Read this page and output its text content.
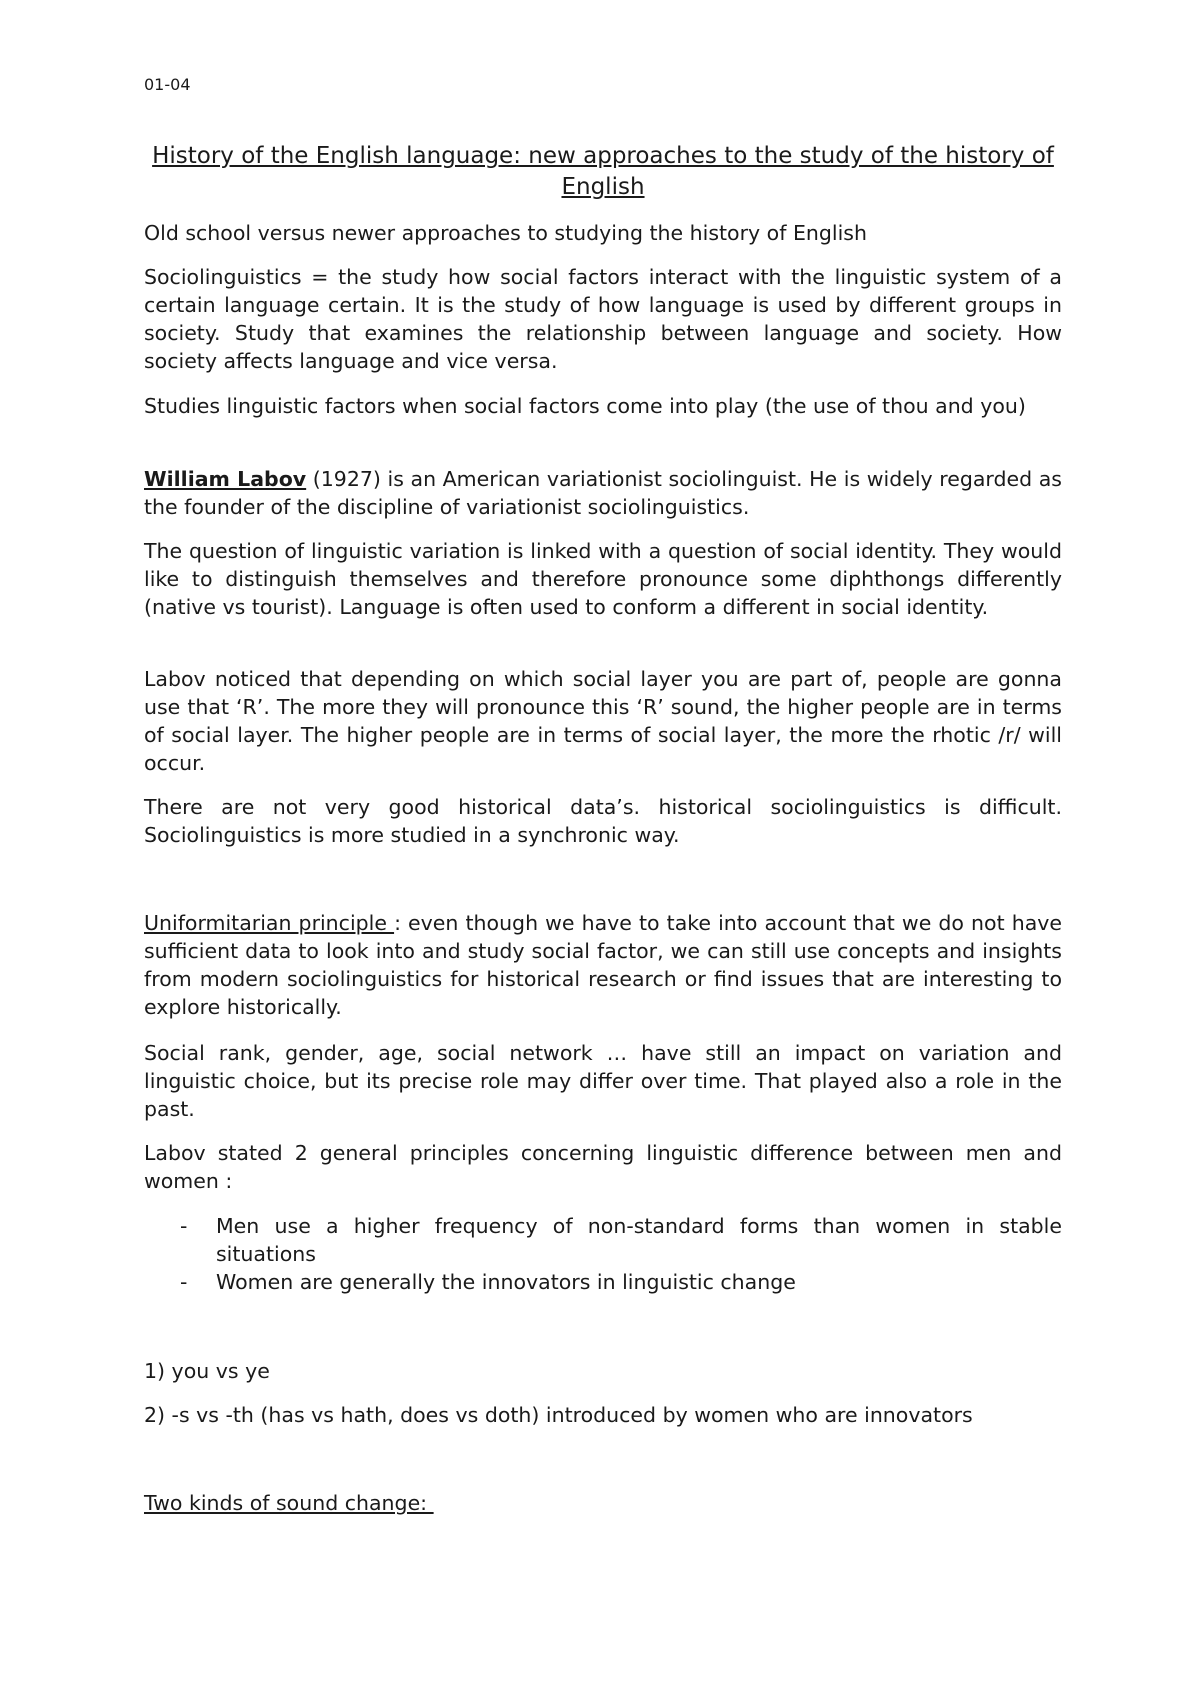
01-04
History of the English language: new approaches to the study of the history of English

Old school versus newer approaches to studying the history of English

Sociolinguistics = the study how social factors interact with the linguistic system of a certain language certain. It is the study of how language is used by different groups in society. Study that examines the relationship between language and society. How society affects language and vice versa.

Studies linguistic factors when social factors come into play (the use of thou and you)

William Labov (1927) is an American variationist sociolinguist. He is widely regarded as the founder of the discipline of variationist sociolinguistics.

The question of linguistic variation is linked with a question of social identity. They would like to distinguish themselves and therefore pronounce some diphthongs differently (native vs tourist). Language is often used to conform a different in social identity.

Labov noticed that depending on which social layer you are part of, people are gonna use that ‘R’. The more they will pronounce this ‘R’ sound, the higher people are in terms of social layer. The higher people are in terms of social layer, the more the rhotic /r/ will occur.

There are not very good historical data’s. historical sociolinguistics is difficult. Sociolinguistics is more studied in a synchronic way.

Uniformitarian principle : even though we have to take into account that we do not have sufficient data to look into and study social factor, we can still use concepts and insights from modern sociolinguistics for historical research or find issues that are interesting to explore historically.

Social rank, gender, age, social network … have still an impact on variation and linguistic choice, but its precise role may differ over time. That played also a role in the past.

Labov stated 2 general principles concerning linguistic difference between men and women :

- Men use a higher frequency of non-standard forms than women in stable situations
- Women are generally the innovators in linguistic change

1) you vs ye

2) -s vs -th (has vs hath, does vs doth) introduced by women who are innovators

Two kinds of sound change:
